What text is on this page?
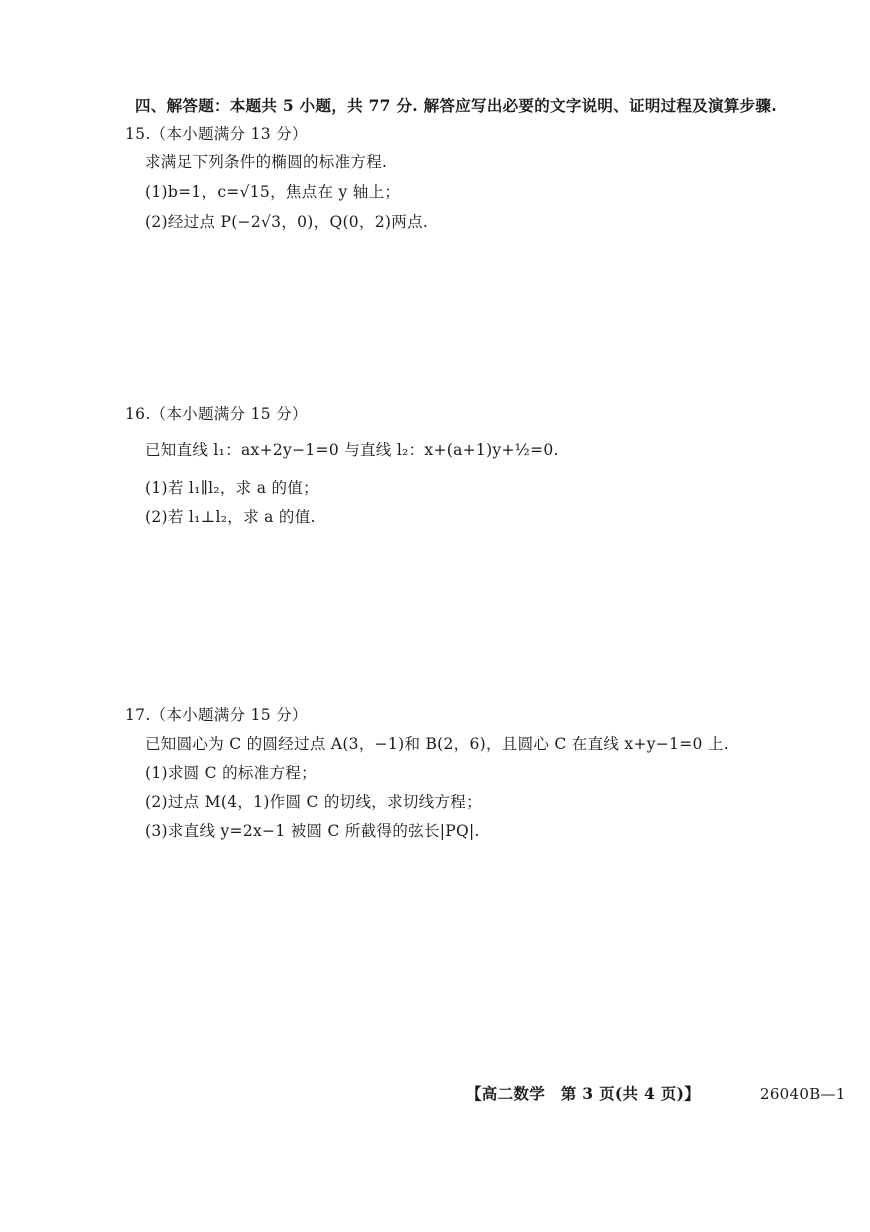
四、解答题：本题共 5 小题，共 77 分. 解答应写出必要的文字说明、证明过程及演算步骤.
15.（本小题满分 13 分）
求满足下列条件的椭圆的标准方程.
(1)b=1，c=√15，焦点在 y 轴上；
(2)经过点 P(−2√3，0)，Q(0，2)两点.
16.（本小题满分 15 分）
已知直线 l₁：ax+2y−1=0 与直线 l₂：x+(a+1)y+½=0.
(1)若 l₁∥l₂，求 a 的值；
(2)若 l₁⊥l₂，求 a 的值.
17.（本小题满分 15 分）
已知圆心为 C 的圆经过点 A(3，−1)和 B(2，6)，且圆心 C 在直线 x+y−1=0 上.
(1)求圆 C 的标准方程；
(2)过点 M(4，1)作圆 C 的切线，求切线方程；
(3)求直线 y=2x−1 被圆 C 所截得的弦长|PQ|.
【高二数学　第 3 页(共 4 页)】	26040B—1
